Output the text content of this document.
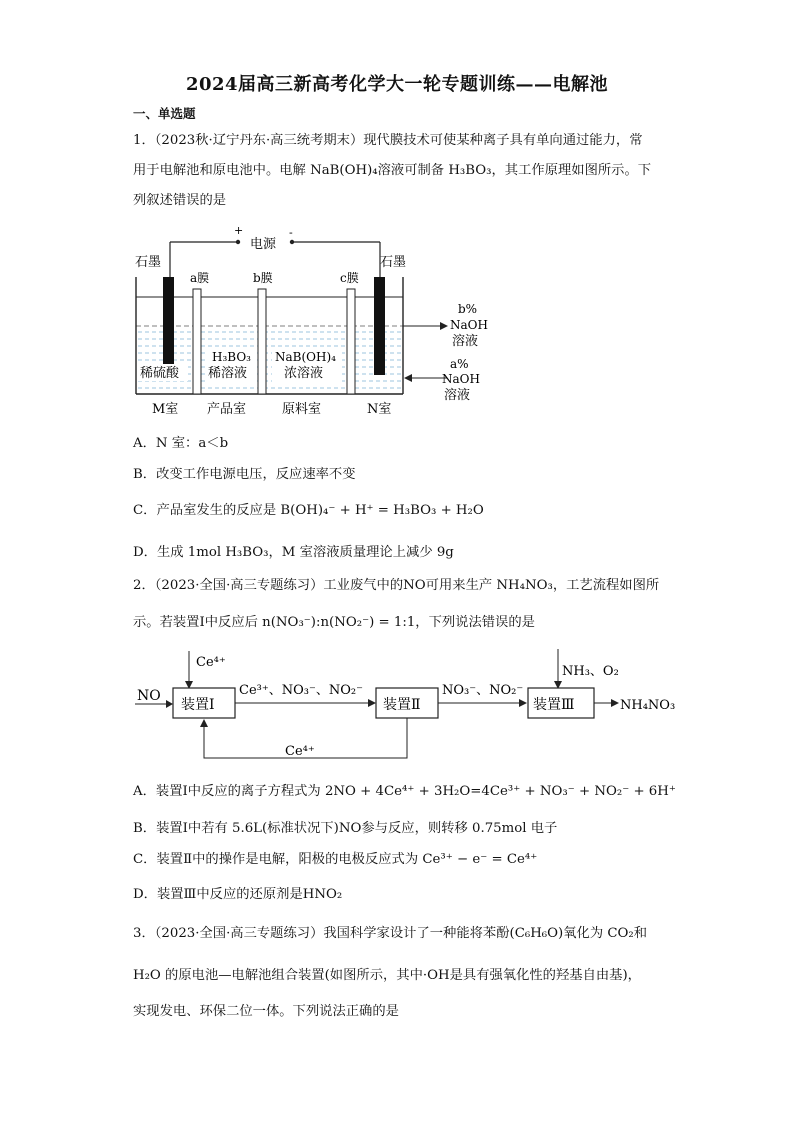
2024届高三新高考化学大一轮专题训练——电解池
一、单选题
1．（2023秋·辽宁丹东·高三统考期末）现代膜技术可使某种离子具有单向通过能力，常
用于电解池和原电池中。电解 NaB(OH)₄溶液可制备 H₃BO₃，其工作原理如图所示。下
列叙述错误的是
+	-
电源
石墨	石墨
a膜	b膜	c膜
稀硫酸
H₃BO₃
稀溶液
NaB(OH)₄
浓溶液
b%
NaOH
溶液
a%
NaOH
溶液
M室 产品室	原料室	N室
A．N 室：a＜b
B．改变工作电源电压，反应速率不变
C．产品室发生的反应是 B(OH)₄⁻ + H⁺ = H₃BO₃ + H₂O
D．生成 1mol H₃BO₃，M 室溶液质量理论上减少 9g
2．（2023·全国·高三专题练习）工业废气中的NO可用来生产 NH₄NO₃，工艺流程如图所
示。若装置Ⅰ中反应后 n(NO₃⁻):n(NO₂⁻) = 1:1，下列说法错误的是
Ce⁴⁺
NO
装置Ⅰ
Ce³⁺、NO₃⁻、NO₂⁻
装置Ⅱ
NO₃⁻、NO₂⁻
NH₃、O₂
装置Ⅲ	NH₄NO₃
Ce⁴⁺
A．装置Ⅰ中反应的离子方程式为 2NO + 4Ce⁴⁺ + 3H₂O=4Ce³⁺ + NO₃⁻ + NO₂⁻ + 6H⁺
B．装置Ⅰ中若有 5.6L(标准状况下)NO参与反应，则转移 0.75mol 电子
C．装置Ⅱ中的操作是电解，阳极的电极反应式为 Ce³⁺ − e⁻ = Ce⁴⁺
D．装置Ⅲ中反应的还原剂是HNO₂
3．（2023·全国·高三专题练习）我国科学家设计了一种能将苯酚(C₆H₆O)氧化为 CO₂和
H₂O 的原电池—电解池组合装置(如图所示，其中·OH是具有强氧化性的羟基自由基)，
实现发电、环保二位一体。下列说法正确的是
